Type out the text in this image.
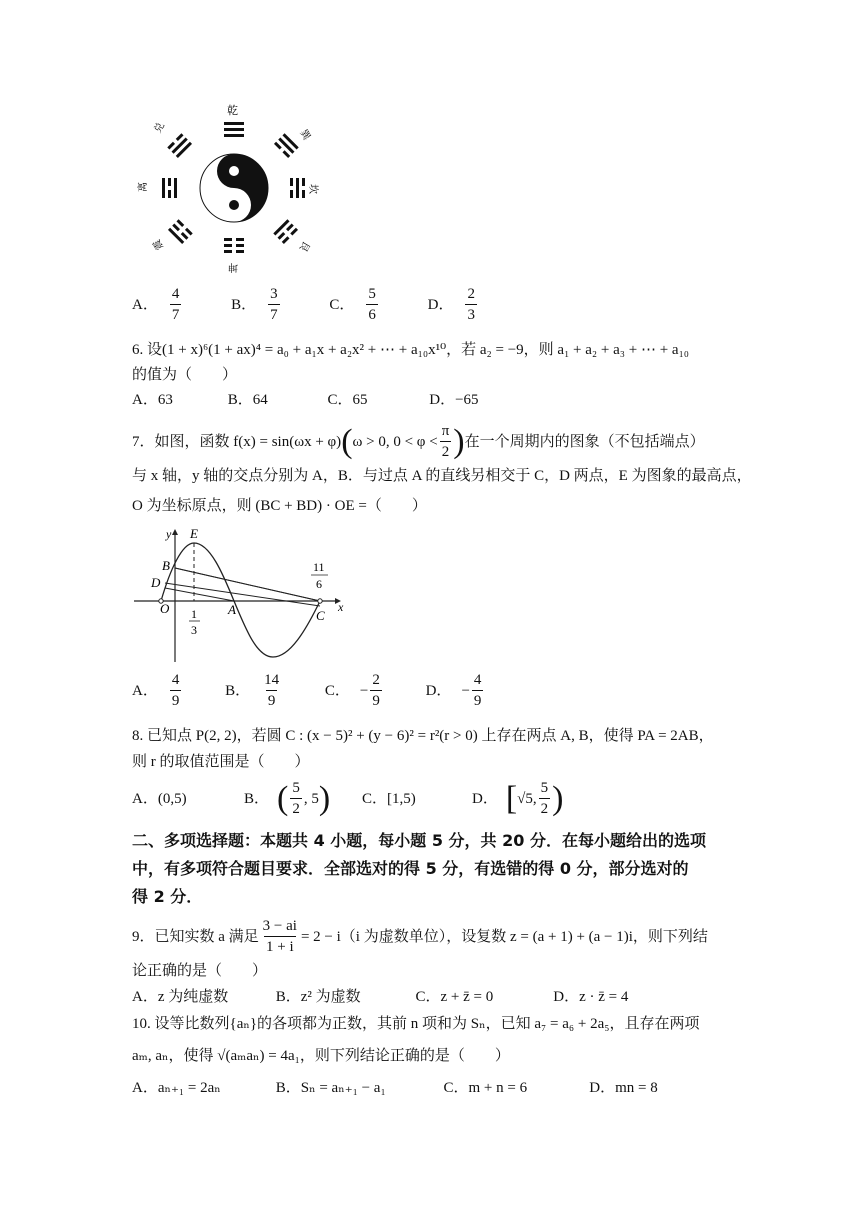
乾
巽
坎
艮
坤
震
离
兑
A． $\frac{4}{7}$
	B． $\frac{3}{7}$
	C． $\frac{5}{6}$
	D． $\frac{2}{3}$
6. 设(1 + x)⁶(1 + ax)⁴ = a₀ + a₁x + a₂x² + ⋯ + a₁₀x¹⁰，若 a₂ = −9，则 a₁ + a₂ + a₃ + ⋯ + a₁₀
的值为（　　）
A．63	B．64	C．65	D．−65
7．如图，函数 f(x) = sin(ωx + φ) ( ω > 0, $0 < \varphi < \frac{\pi}{2}$ ) 在一个周期内的图象（不包括端点）
与 x 轴，y 轴的交点分别为 A，B．与过点 A 的直线另相交于 C，D 两点，E 为图象的最高点，
O 为坐标原点，则 (BC + BD) · OE =（　　）
y E
B
D
O	A	C
x
1
3
11
6
A． $\frac{4}{9}$
	B． $\frac{14}{9}$
	C． − $\frac{2}{9}$
	D． − $\frac{4}{9}$
8. 已知点 P(2, 2)，若圆 C : (x − 5)² + (y − 6)² = r²(r > 0) 上存在两点 A, B，使得 PA = 2AB，
则 r 的取值范围是（　　）
A．(0,5)	B． ( $\frac{5}{2}$ , 5 ) C．[1,5)	D． [ √5, $\frac{5}{2}$ )
二、多项选择题：本题共 4 小题，每小题 5 分，共 20 分．在每小题给出的选项
中，有多项符合题目要求．全部选对的得 5 分，有选错的得 0 分，部分选对的
得 2 分．
9．已知实数 a 满足 $\frac{3 - ai}{1 + i} = 2 - i(i$ 为虚数单位），设复数 z = (a + 1) + (a − 1)i，则下列结
论正确的是（　　）
A．z 为纯虚数	B．z² 为虚数	C．z + z̄ = 0	D．z · z̄ = 4
10. 设等比数列{aₙ}的各项都为正数，其前 n 项和为 Sₙ，已知 a₇ = a₆ + 2a₅，且存在两项
aₘ, aₙ，使得 √(aₘaₙ) = 4a₁，则下列结论正确的是（　　）
A．aₙ₊₁ = 2aₙ	B．Sₙ = aₙ₊₁ − a₁	C．m + n = 6	D．mn = 8
